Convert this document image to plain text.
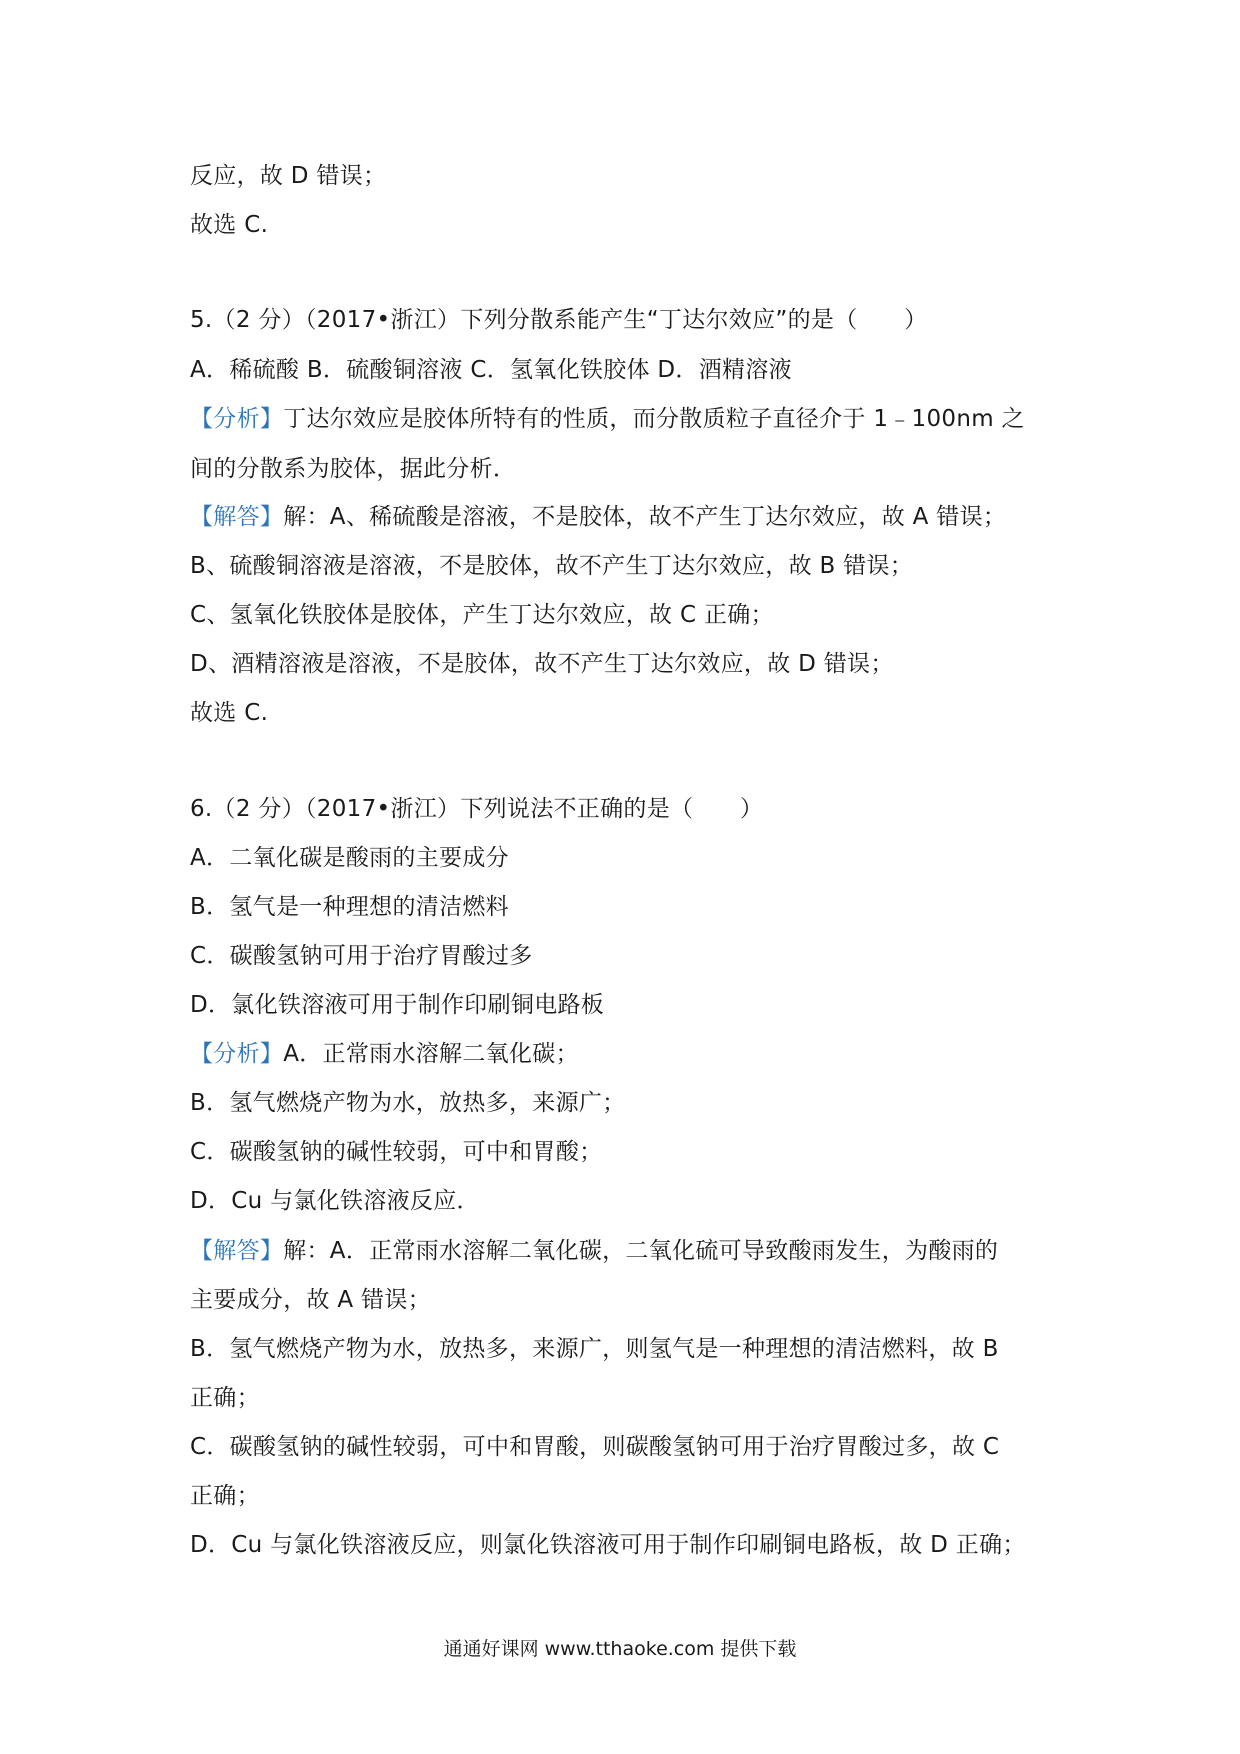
反应，故 D 错误；
故选 C.
5.（2 分）（2017•浙江）下列分散系能产生“丁达尔效应”的是（　　）
A．稀硫酸 B．硫酸铜溶液 C．氢氧化铁胶体 D．酒精溶液
【分析】丁达尔效应是胶体所特有的性质，而分散质粒子直径介于 1﹣100nm 之
间的分散系为胶体，据此分析．
【解答】解：A、稀硫酸是溶液，不是胶体，故不产生丁达尔效应，故 A 错误；
B、硫酸铜溶液是溶液，不是胶体，故不产生丁达尔效应，故 B 错误；
C、氢氧化铁胶体是胶体，产生丁达尔效应，故 C 正确；
D、酒精溶液是溶液，不是胶体，故不产生丁达尔效应，故 D 错误；
故选 C.
6.（2 分）（2017•浙江）下列说法不正确的是（　　）
A．二氧化碳是酸雨的主要成分
B．氢气是一种理想的清洁燃料
C．碳酸氢钠可用于治疗胃酸过多
D．氯化铁溶液可用于制作印刷铜电路板
【分析】A．正常雨水溶解二氧化碳；
B．氢气燃烧产物为水，放热多，来源广；
C．碳酸氢钠的碱性较弱，可中和胃酸；
D．Cu 与氯化铁溶液反应．
【解答】解：A．正常雨水溶解二氧化碳，二氧化硫可导致酸雨发生，为酸雨的
主要成分，故 A 错误；
B．氢气燃烧产物为水，放热多，来源广，则氢气是一种理想的清洁燃料，故 B
正确；
C．碳酸氢钠的碱性较弱，可中和胃酸，则碳酸氢钠可用于治疗胃酸过多，故 C
正确；
D．Cu 与氯化铁溶液反应，则氯化铁溶液可用于制作印刷铜电路板，故 D 正确；
通通好课网 www.tthaoke.com 提供下载
